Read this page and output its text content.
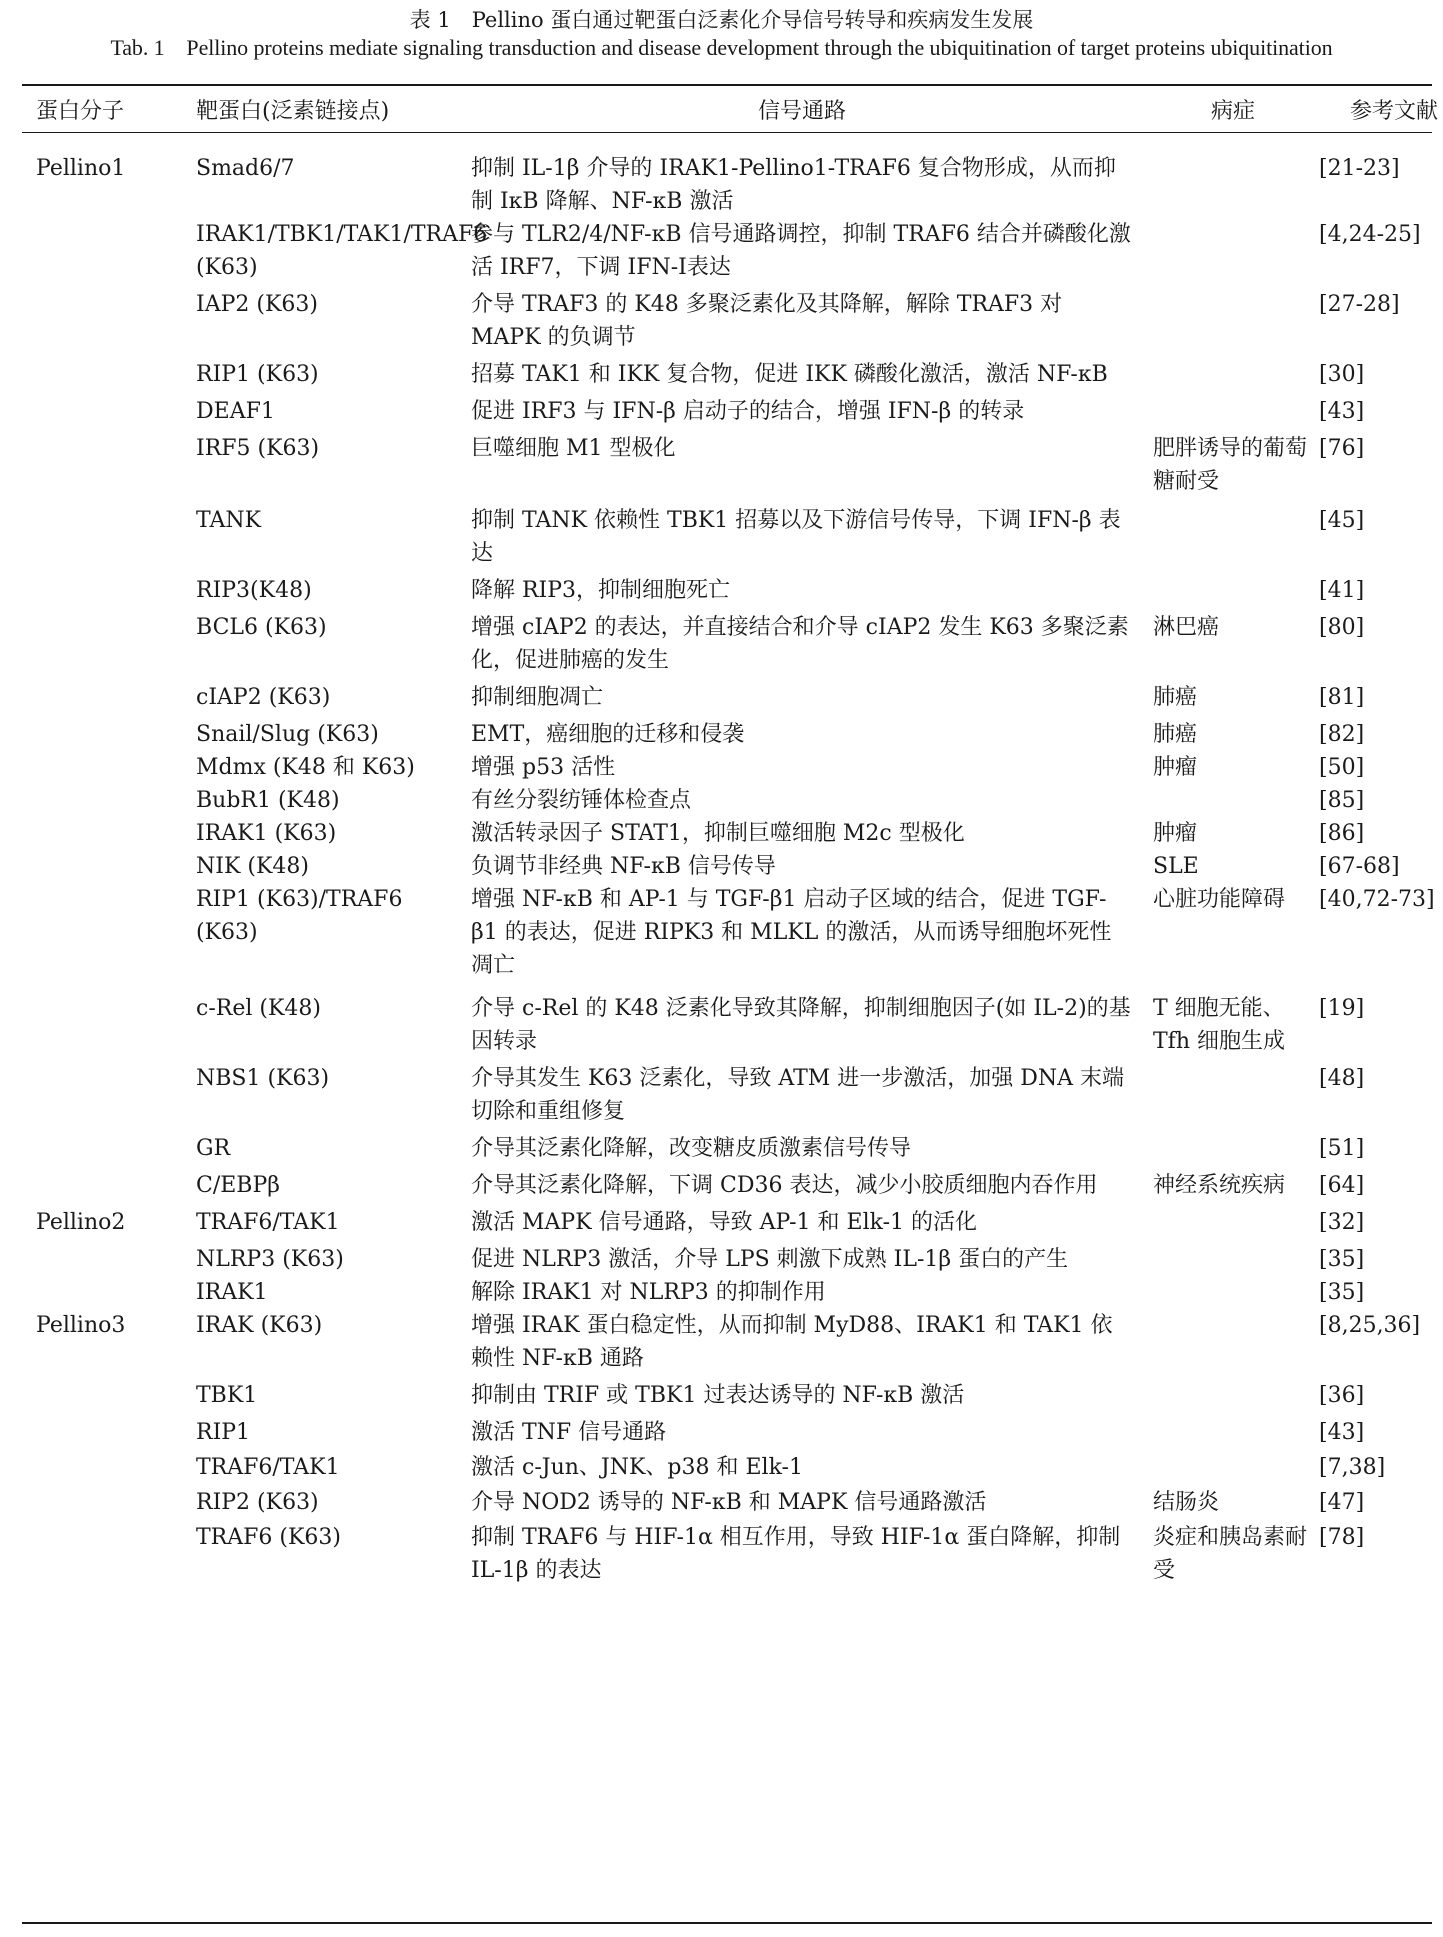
表 1　Pellino 蛋白通过靶蛋白泛素化介导信号转导和疾病发生发展
Tab. 1　Pellino proteins mediate signaling transduction and disease development through the ubiquitination of target proteins ubiquitination
蛋白分子	靶蛋白(泛素链接点)	信号通路	病症	参考文献

Pellino1	Smad6/7	抑制 IL-1β 介导的 IRAK1-Pellino1-TRAF6 复合物形成，从而抑制 IκB 降解、NF-κB 激活		[21-23]
	IRAK1/TBK1/TAK1/TRAF6 (K63)	参与 TLR2/4/NF-κB 信号通路调控，抑制 TRAF6 结合并磷酸化激活 IRF7，下调 IFN-Ⅰ表达		[4,24-25]
	IAP2 (K63)	介导 TRAF3 的 K48 多聚泛素化及其降解，解除 TRAF3 对 MAPK 的负调节		[27-28]
	RIP1 (K63)	招募 TAK1 和 IKK 复合物，促进 IKK 磷酸化激活，激活 NF-κB		[30]
	DEAF1	促进 IRF3 与 IFN-β 启动子的结合，增强 IFN-β 的转录		[43]
	IRF5 (K63)	巨噬细胞 M1 型极化	肥胖诱导的葡萄糖耐受	[76]
	TANK	抑制 TANK 依赖性 TBK1 招募以及下游信号传导，下调 IFN-β 表达		[45]
	RIP3(K48)	降解 RIP3，抑制细胞死亡		[41]
	BCL6 (K63)	增强 cIAP2 的表达，并直接结合和介导 cIAP2 发生 K63 多聚泛素化，促进肺癌的发生	淋巴癌	[80]
	cIAP2 (K63)	抑制细胞凋亡	肺癌	[81]
	Snail/Slug (K63)	EMT，癌细胞的迁移和侵袭	肺癌	[82]
	Mdmx (K48 和 K63)	增强 p53 活性	肿瘤	[50]
	BubR1 (K48)	有丝分裂纺锤体检查点		[85]
	IRAK1 (K63)	激活转录因子 STAT1，抑制巨噬细胞 M2c 型极化	肿瘤	[86]
	NIK (K48)	负调节非经典 NF-κB 信号传导	SLE	[67-68]
	RIP1 (K63)/TRAF6 (K63)	增强 NF-κB 和 AP-1 与 TGF-β1 启动子区域的结合，促进 TGF-β1 的表达，促进 RIPK3 和 MLKL 的激活，从而诱导细胞坏死性凋亡	心脏功能障碍	[40,72-73]
	c-Rel (K48)	介导 c-Rel 的 K48 泛素化导致其降解，抑制细胞因子(如 IL-2)的基因转录	T 细胞无能、Tfh 细胞生成	[19]
	NBS1 (K63)	介导其发生 K63 泛素化，导致 ATM 进一步激活，加强 DNA 末端切除和重组修复		[48]
	GR	介导其泛素化降解，改变糖皮质激素信号传导		[51]
	C/EBPβ	介导其泛素化降解，下调 CD36 表达，减少小胶质细胞内吞作用	神经系统疾病	[64]
Pellino2	TRAF6/TAK1	激活 MAPK 信号通路，导致 AP-1 和 Elk-1 的活化		[32]
	NLRP3 (K63)	促进 NLRP3 激活，介导 LPS 刺激下成熟 IL-1β 蛋白的产生		[35]
	IRAK1	解除 IRAK1 对 NLRP3 的抑制作用		[35]
Pellino3	IRAK (K63)	增强 IRAK 蛋白稳定性，从而抑制 MyD88、IRAK1 和 TAK1 依赖性 NF-κB 通路		[8,25,36]
	TBK1	抑制由 TRIF 或 TBK1 过表达诱导的 NF-κB 激活		[36]
	RIP1	激活 TNF 信号通路		[43]
	TRAF6/TAK1	激活 c-Jun、JNK、p38 和 Elk-1		[7,38]
	RIP2 (K63)	介导 NOD2 诱导的 NF-κB 和 MAPK 信号通路激活	结肠炎	[47]
	TRAF6 (K63)	抑制 TRAF6 与 HIF-1α 相互作用，导致 HIF-1α 蛋白降解，抑制 IL-1β 的表达	炎症和胰岛素耐受	[78]
